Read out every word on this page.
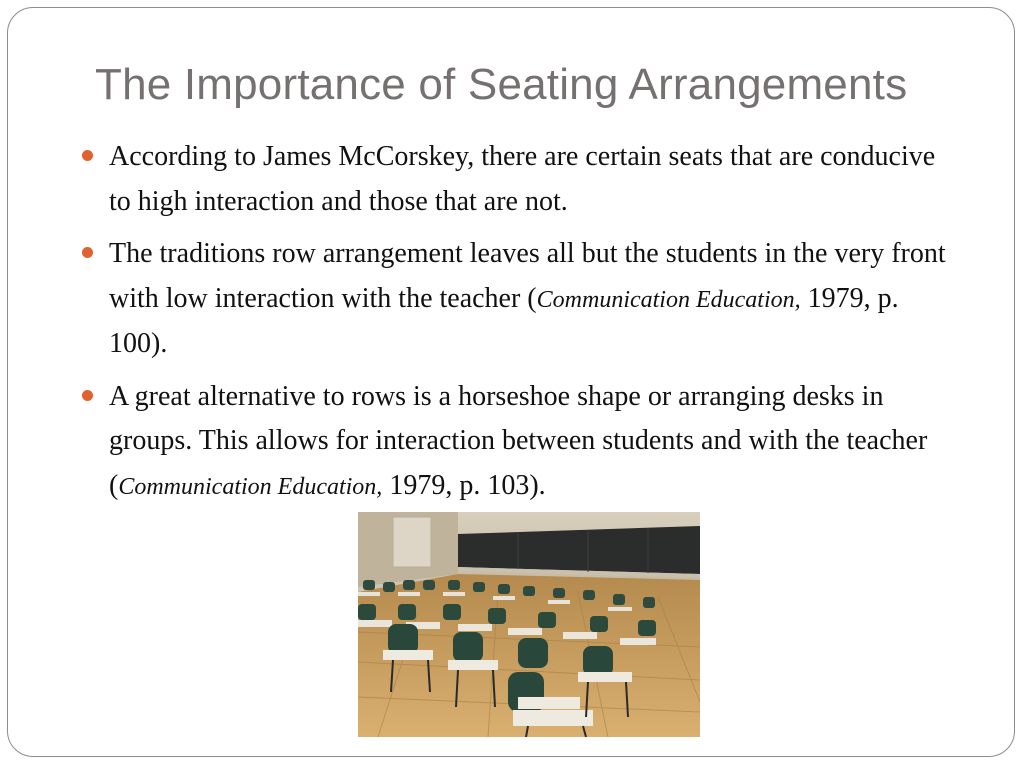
The Importance of Seating Arrangements
According to James McCorskey, there are certain seats that are conducive to high interaction and those that are not.
The traditions row arrangement leaves all but the students in the very front with low interaction with the teacher (Communication Education, 1979, p. 100).
A great alternative to rows is a horseshoe shape or arranging desks in groups. This allows for interaction between students and with the teacher (Communication Education, 1979, p. 103).
